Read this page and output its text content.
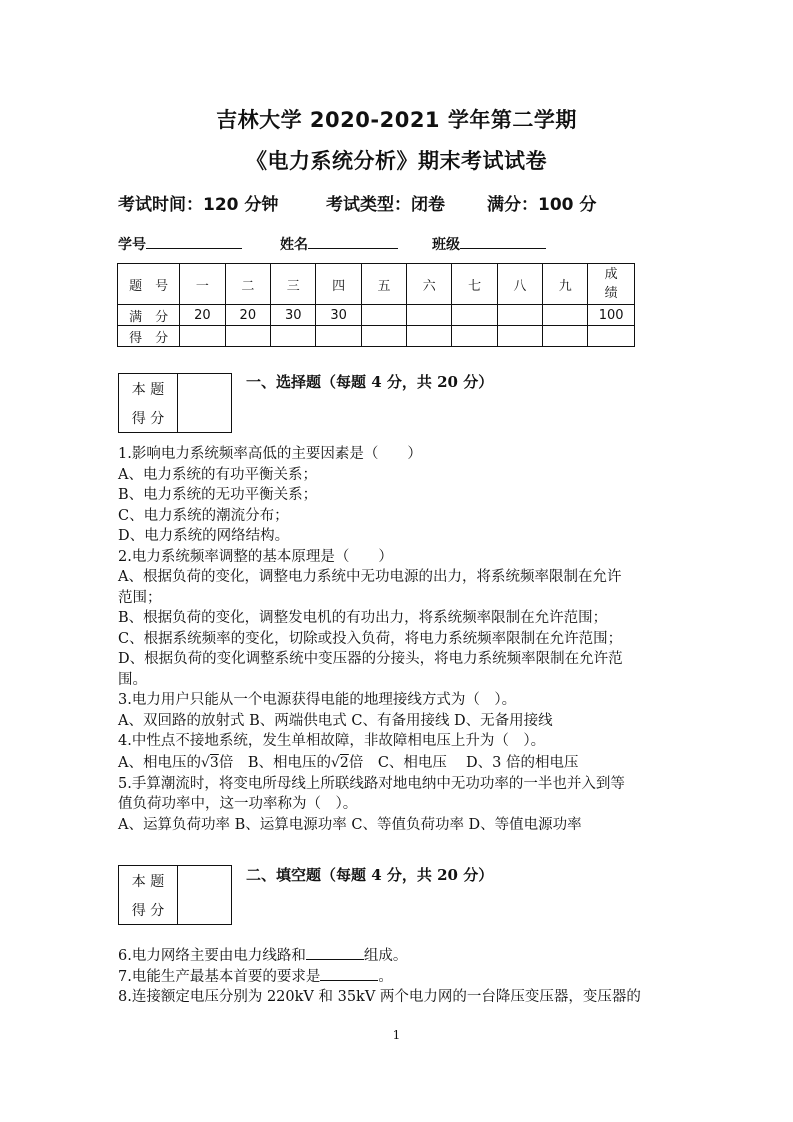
吉林大学 2020-2021 学年第二学期
《电力系统分析》期末考试试卷
考试时间：120 分钟	考试类型：闭卷 满分：100 分
学号	姓名	班级
题　号	一	二	三	四	五	六	七	八	九	成绩
满　分	20	20	30	30						100
得　分										
本 题
得 分
一、选择题（每题 4 分，共 20 分）
1.影响电力系统频率高低的主要因素是（　　）
A、电力系统的有功平衡关系；
B、电力系统的无功平衡关系；
C、电力系统的潮流分布；
D、电力系统的网络结构。
2.电力系统频率调整的基本原理是（　　）
A、根据负荷的变化，调整电力系统中无功电源的出力，将系统频率限制在允许
范围；
B、根据负荷的变化，调整发电机的有功出力，将系统频率限制在允许范围；
C、根据系统频率的变化，切除或投入负荷，将电力系统频率限制在允许范围；
D、根据负荷的变化调整系统中变压器的分接头，将电力系统频率限制在允许范
围。
3.电力用户只能从一个电源获得电能的地理接线方式为（　）。
A、双回路的放射式 B、两端供电式 C、有备用接线 D、无备用接线
4.中性点不接地系统，发生单相故障，非故障相电压上升为（　）。
A、相电压的√3倍　B、相电压的√2倍　C、相电压　 D、3 倍的相电压
5.手算潮流时，将变电所母线上所联线路对地电纳中无功功率的一半也并入到等
值负荷功率中，这一功率称为（　）。
A、运算负荷功率 B、运算电源功率 C、等值负荷功率 D、等值电源功率
本 题
得 分
二、填空题（每题 4 分，共 20 分）
6.电力网络主要由电力线路和	组成。
7.电能生产最基本首要的要求是	。
8.连接额定电压分别为 220kV 和 35kV 两个电力网的一台降压变压器，变压器的
1
